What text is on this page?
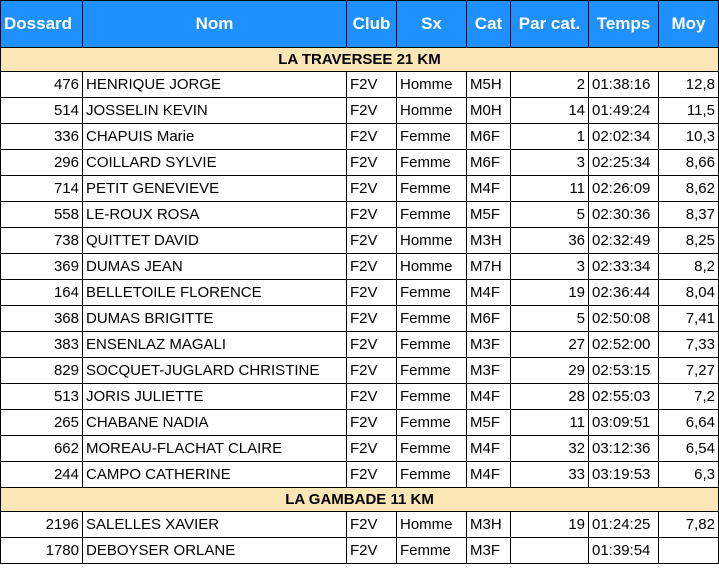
Dossard	Nom	Club	Sx	Cat	Par cat.	Temps	Moy
LA TRAVERSEE 21 KM							
476	HENRIQUE JORGE	F2V	Homme	M5H	2	01:38:16	12,8
514	JOSSELIN KEVIN	F2V	Homme	M0H	14	01:49:24	11,5
336	CHAPUIS Marie	F2V	Femme	M6F	1	02:02:34	10,3
296	COILLARD SYLVIE	F2V	Femme	M6F	3	02:25:34	8,66
714	PETIT GENEVIEVE	F2V	Femme	M4F	11	02:26:09	8,62
558	LE-ROUX ROSA	F2V	Femme	M5F	5	02:30:36	8,37
738	QUITTET DAVID	F2V	Homme	M3H	36	02:32:49	8,25
369	DUMAS JEAN	F2V	Homme	M7H	3	02:33:34	8,2
164	BELLETOILE FLORENCE	F2V	Femme	M4F	19	02:36:44	8,04
368	DUMAS BRIGITTE	F2V	Femme	M6F	5	02:50:08	7,41
383	ENSENLAZ MAGALI	F2V	Femme	M3F	27	02:52:00	7,33
829	SOCQUET-JUGLARD CHRISTINE	F2V	Femme	M3F	29	02:53:15	7,27
513	JORIS JULIETTE	F2V	Femme	M4F	28	02:55:03	7,2
265	CHABANE NADIA	F2V	Femme	M5F	11	03:09:51	6,64
662	MOREAU-FLACHAT CLAIRE	F2V	Femme	M4F	32	03:12:36	6,54
244	CAMPO CATHERINE	F2V	Femme	M4F	33	03:19:53	6,3
LA GAMBADE 11 KM							
2196	SALELLES XAVIER	F2V	Homme	M3H	19	01:24:25	7,82
1780	DEBOYSER ORLANE	F2V	Femme	M3F		01:39:54	
